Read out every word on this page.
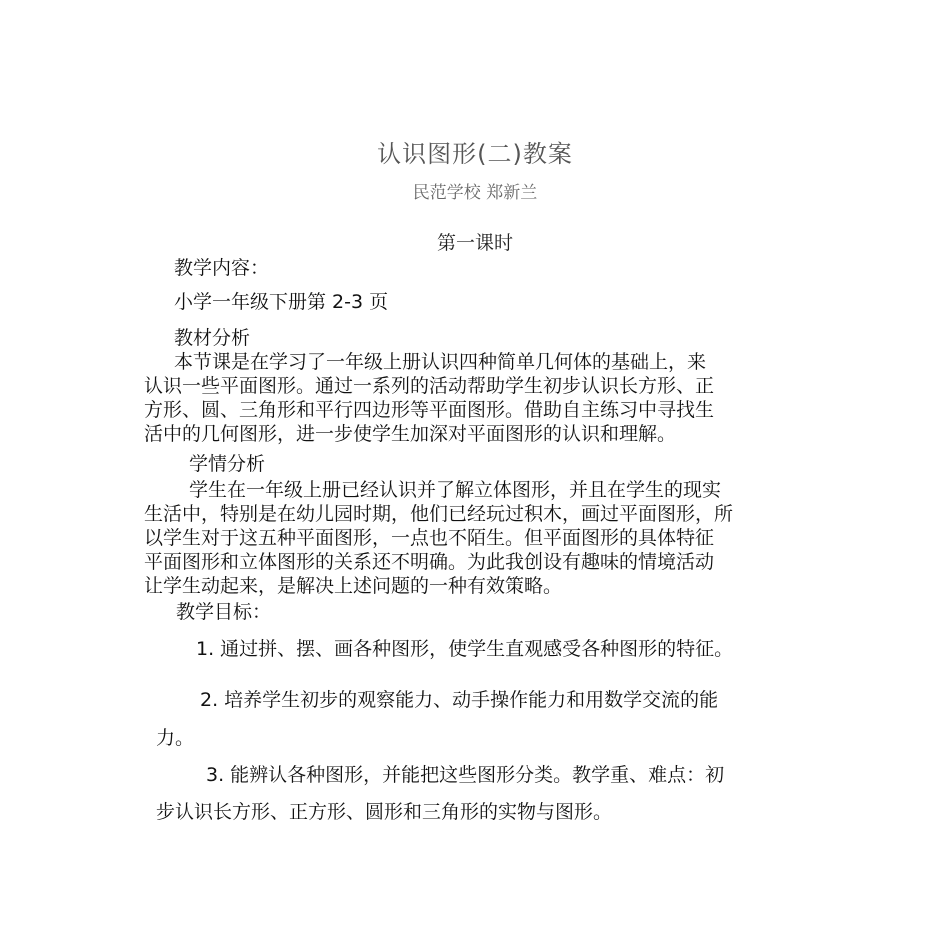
认识图形(二)教案
民范学校 郑新兰
第一课时
教学内容：
小学一年级下册第 2-3 页
教材分析
本节课是在学习了一年级上册认识四种简单几何体的基础上，来
认识一些平面图形。通过一系列的活动帮助学生初步认识长方形、正
方形、圆、三角形和平行四边形等平面图形。借助自主练习中寻找生
活中的几何图形，进一步使学生加深对平面图形的认识和理解。
学情分析
学生在一年级上册已经认识并了解立体图形，并且在学生的现实
生活中，特别是在幼儿园时期，他们已经玩过积木，画过平面图形，所
以学生对于这五种平面图形，一点也不陌生。但平面图形的具体特征
平面图形和立体图形的关系还不明确。为此我创设有趣味的情境活动
让学生动起来，是解决上述问题的一种有效策略。
教学目标：
1. 通过拼、摆、画各种图形，使学生直观感受各种图形的特征。
2. 培养学生初步的观察能力、动手操作能力和用数学交流的能
力。
3. 能辨认各种图形，并能把这些图形分类。教学重、难点：初
步认识长方形、正方形、圆形和三角形的实物与图形。
